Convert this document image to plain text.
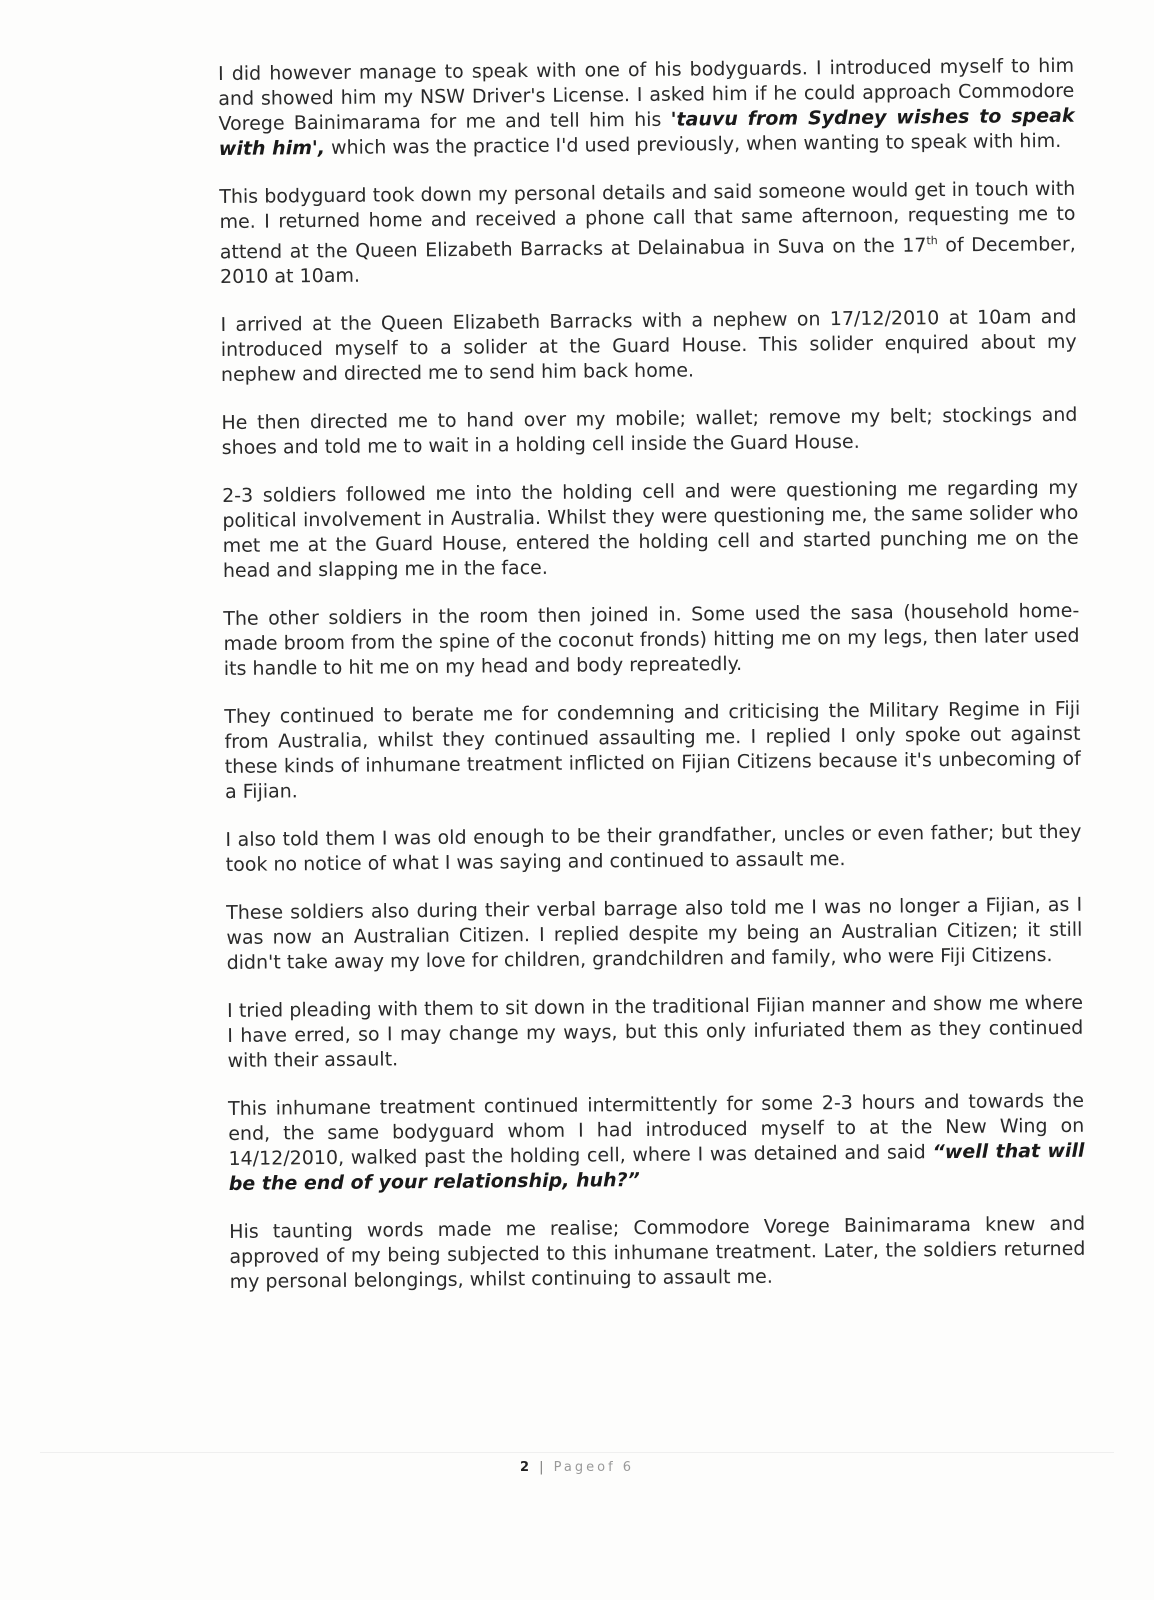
I did however manage to speak with one of his bodyguards. I introduced myself to him and showed him my NSW Driver's License. I asked him if he could approach Commodore Vorege Bainimarama for me and tell him his 'tauvu from Sydney wishes to speak with him', which was the practice I'd used previously, when wanting to speak with him.

This bodyguard took down my personal details and said someone would get in touch with me. I returned home and received a phone call that same afternoon, requesting me to attend at the Queen Elizabeth Barracks at Delainabua in Suva on the 17th of December, 2010 at 10am.

I arrived at the Queen Elizabeth Barracks with a nephew on 17/12/2010 at 10am and introduced myself to a solider at the Guard House. This solider enquired about my nephew and directed me to send him back home.

He then directed me to hand over my mobile; wallet; remove my belt; stockings and shoes and told me to wait in a holding cell inside the Guard House.

2-3 soldiers followed me into the holding cell and were questioning me regarding my political involvement in Australia. Whilst they were questioning me, the same solider who met me at the Guard House, entered the holding cell and started punching me on the head and slapping me in the face.

The other soldiers in the room then joined in. Some used the sasa (household home-made broom from the spine of the coconut fronds) hitting me on my legs, then later used its handle to hit me on my head and body repreatedly.

They continued to berate me for condemning and criticising the Military Regime in Fiji from Australia, whilst they continued assaulting me. I replied I only spoke out against these kinds of inhumane treatment inflicted on Fijian Citizens because it's unbecoming of a Fijian.

I also told them I was old enough to be their grandfather, uncles or even father; but they took no notice of what I was saying and continued to assault me.

These soldiers also during their verbal barrage also told me I was no longer a Fijian, as I was now an Australian Citizen. I replied despite my being an Australian Citizen; it still didn't take away my love for children, grandchildren and family, who were Fiji Citizens.

I tried pleading with them to sit down in the traditional Fijian manner and show me where I have erred, so I may change my ways, but this only infuriated them as they continued with their assault.

This inhumane treatment continued intermittently for some 2-3 hours and towards the end, the same bodyguard whom I had introduced myself to at the New Wing on 14/12/2010, walked past the holding cell, where I was detained and said “well that will be the end of your relationship, huh?”

His taunting words made me realise; Commodore Vorege Bainimarama knew and approved of my being subjected to this inhumane treatment. Later, the soldiers returned my personal belongings, whilst continuing to assault me.

2 | Pageof 6
